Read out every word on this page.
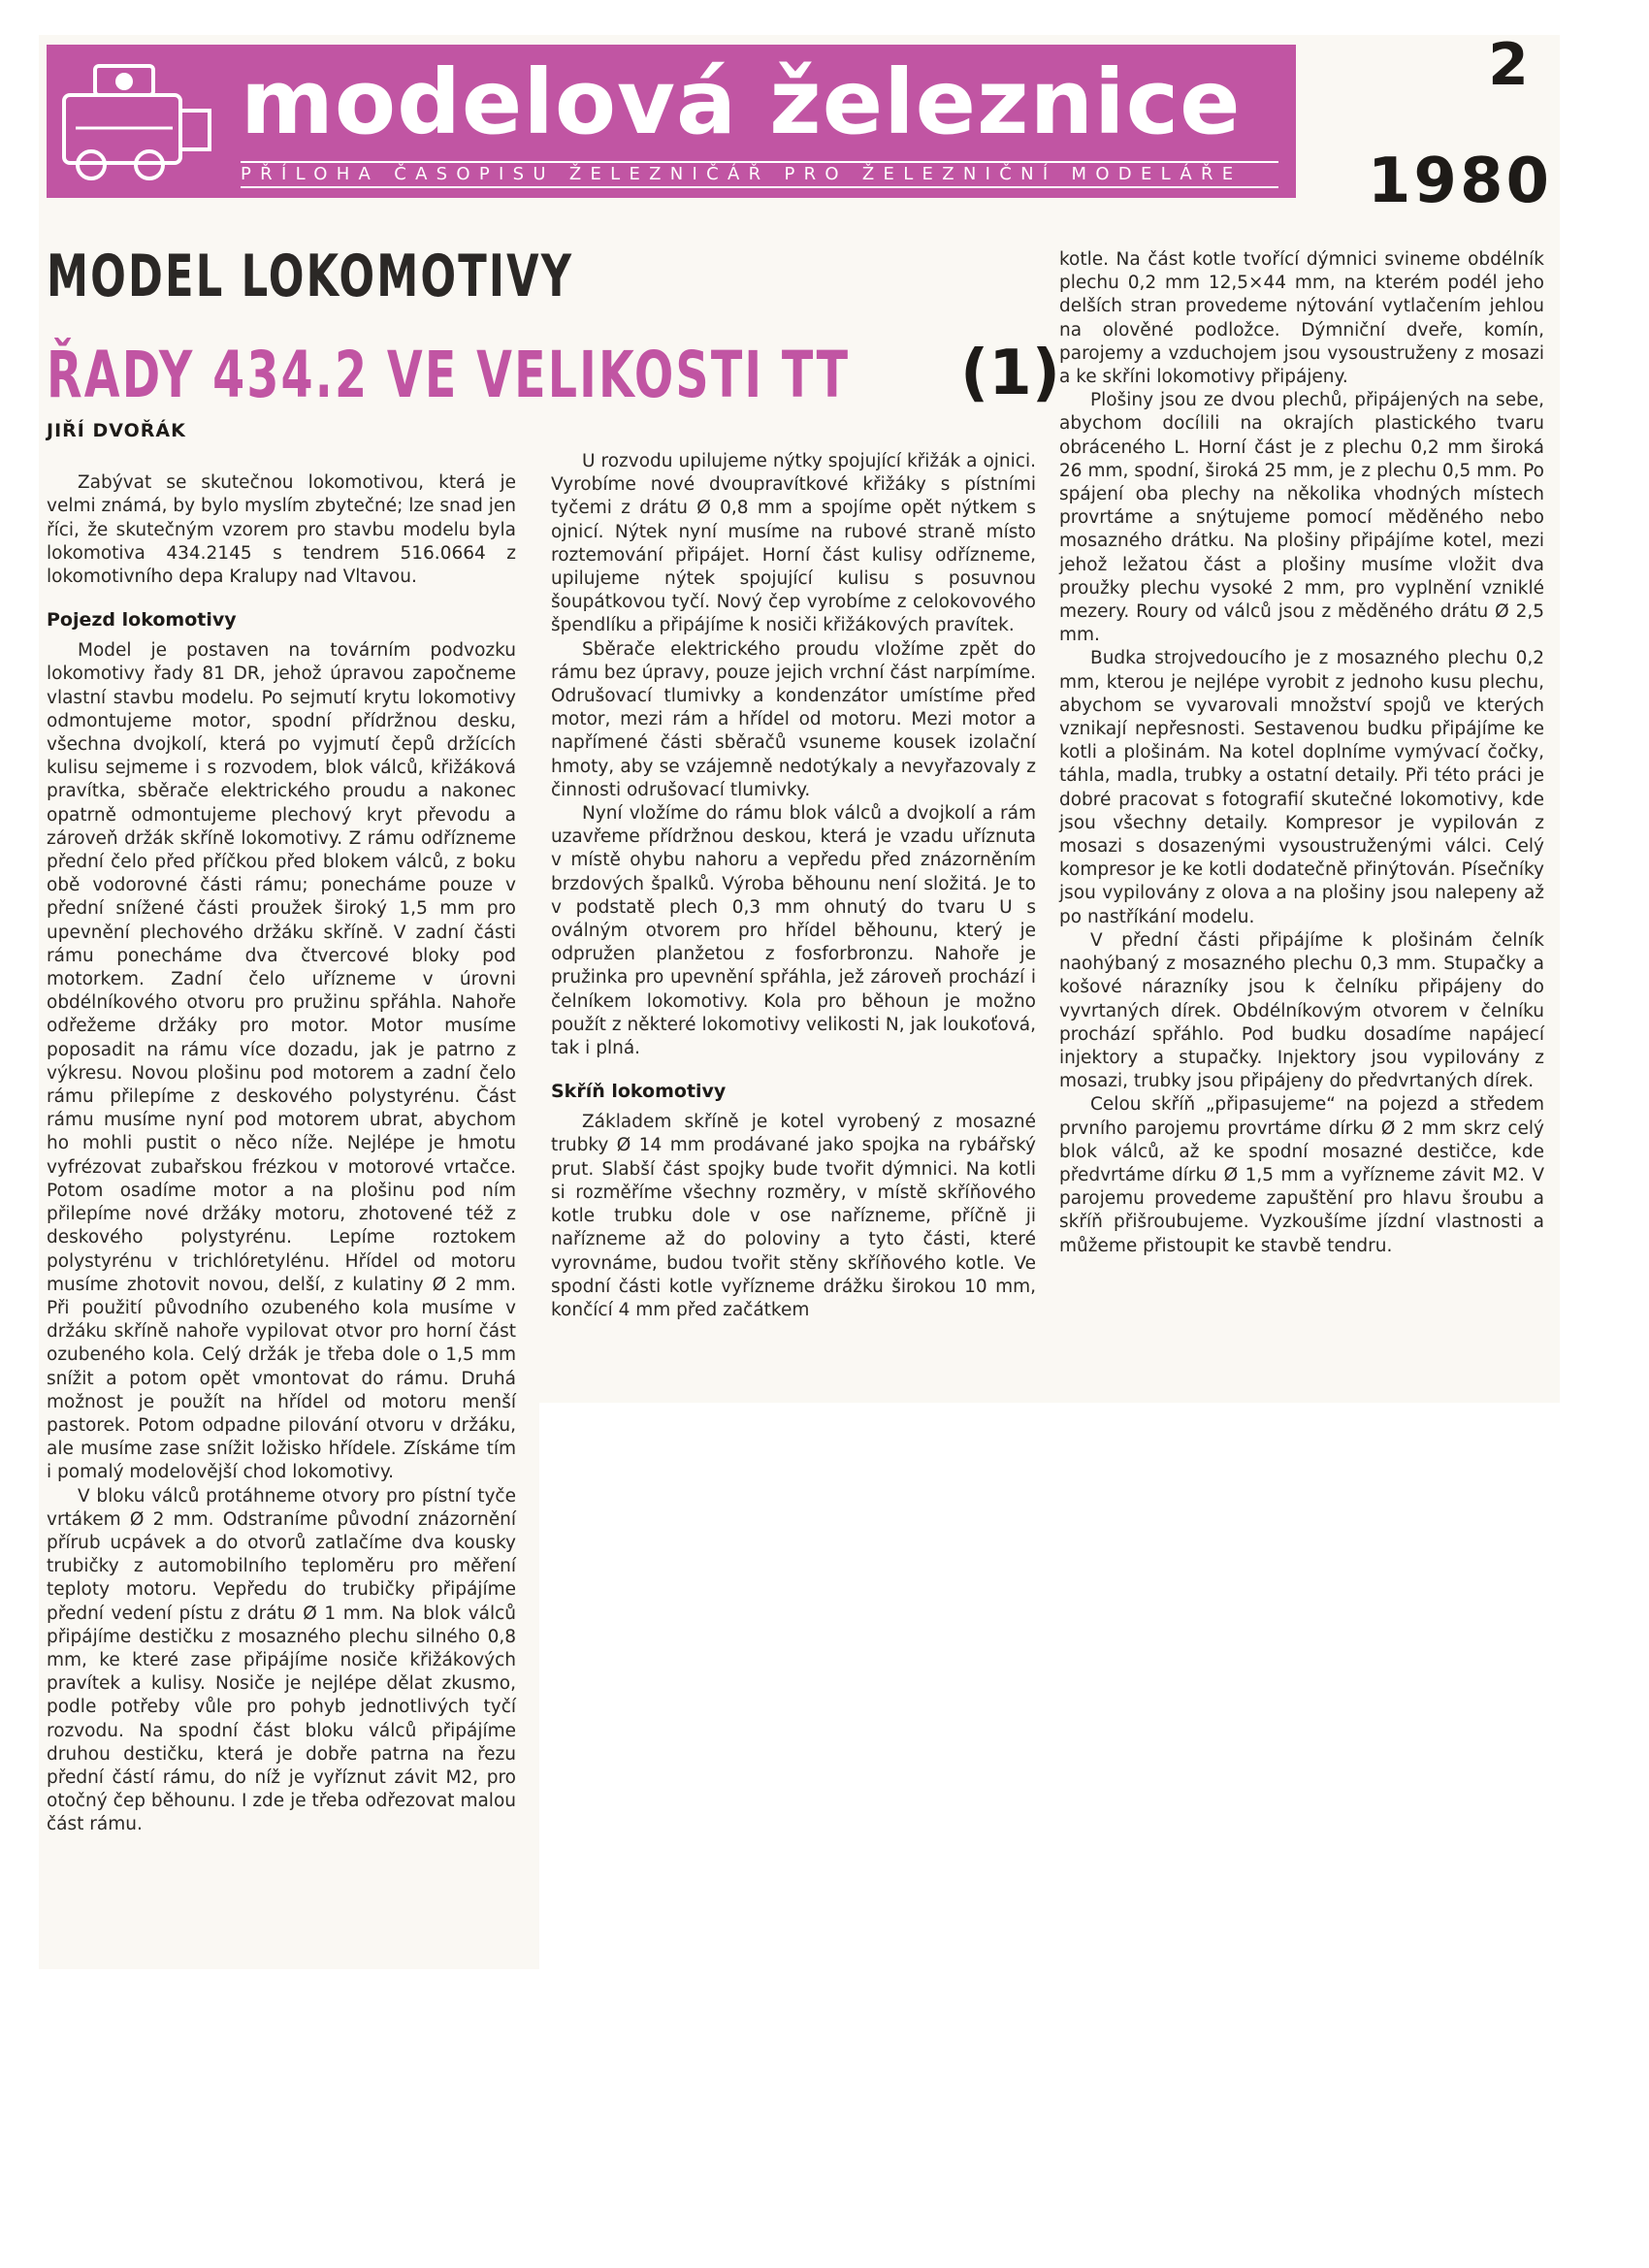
modelová železnice
PŘÍLOHA ČASOPISU ŽELEZNIČÁŘ PRO ŽELEZNIČNÍ MODELÁŘE
2
1980
MODEL LOKOMOTIVY
ŘADY 434.2 VE VELIKOSTI TT (1)
JIŘÍ DVOŘÁK

Zabývat se skutečnou lokomotivou, která je velmi známá, by bylo myslím zbytečné; lze snad jen říci, že skutečným vzorem pro stavbu modelu byla lokomotiva 434.2145 s tendrem 516.0664 z lokomotivního depa Kralupy nad Vltavou.

Pojezd lokomotivy

Model je postaven na továrním podvozku lokomotivy řady 81 DR, jehož úpravou započneme vlastní stavbu modelu. Po sejmutí krytu lokomotivy odmontujeme motor, spodní přídržnou desku, všechna dvojkolí, která po vyjmutí čepů držících kulisu sejmeme i s rozvodem, blok válců, křižáková pravítka, sběrače elektrického proudu a nakonec opatrně odmontujeme plechový kryt převodu a zároveň držák skříně lokomotivy. Z rámu odřízneme přední čelo před příčkou před blokem válců, z boku obě vodorovné části rámu; ponecháme pouze v přední snížené části proužek široký 1,5 mm pro upevnění plechového držáku skříně. V zadní části rámu ponecháme dva čtvercové bloky pod motorkem. Zadní čelo uřízneme v úrovni obdélníkového otvoru pro pružinu spřáhla. Nahoře odřežeme držáky pro motor. Motor musíme poposadit na rámu více dozadu, jak je patrno z výkresu. Novou plošinu pod motorem a zadní čelo rámu přilepíme z deskového polystyrénu. Část rámu musíme nyní pod motorem ubrat, abychom ho mohli pustit o něco níže. Nejlépe je hmotu vyfrézovat zubařskou frézkou v motorové vrtačce. Potom osadíme motor a na plošinu pod ním přilepíme nové držáky motoru, zhotovené též z deskového polystyrénu. Lepíme roztokem polystyrénu v trichlóretylénu. Hřídel od motoru musíme zhotovit novou, delší, z kulatiny Ø 2 mm. Při použití původního ozubeného kola musíme v držáku skříně nahoře vypilovat otvor pro horní část ozubeného kola. Celý držák je třeba dole o 1,5 mm snížit a potom opět vmontovat do rámu. Druhá možnost je použít na hřídel od motoru menší pastorek. Potom odpadne pilování otvoru v držáku, ale musíme zase snížit ložisko hřídele. Získáme tím i pomalý modelovější chod lokomotivy.

V bloku válců protáhneme otvory pro pístní tyče vrtákem Ø 2 mm. Odstraníme původní znázornění přírub ucpávek a do otvorů zatlačíme dva kousky trubičky z automobilního teploměru pro měření teploty motoru. Vepředu do trubičky připájíme přední vedení pístu z drátu Ø 1 mm. Na blok válců připájíme destičku z mosazného plechu silného 0,8 mm, ke které zase připájíme nosiče křižákových pravítek a kulisy. Nosiče je nejlépe dělat zkusmo, podle potřeby vůle pro pohyb jednotlivých tyčí rozvodu. Na spodní část bloku válců připájíme druhou destičku, která je dobře patrna na řezu přední částí rámu, do níž je vyříznut závit M2, pro otočný čep běhounu. I zde je třeba odřezovat malou část rámu.

U rozvodu upilujeme nýtky spojující křižák a ojnici. Vyrobíme nové dvoupravítkové křižáky s pístními tyčemi z drátu Ø 0,8 mm a spojíme opět nýtkem s ojnicí. Nýtek nyní musíme na rubové straně místo roztemování připájet. Horní část kulisy odřízneme, upilujeme nýtek spojující kulisu s posuvnou šoupátkovou tyčí. Nový čep vyrobíme z celokovového špendlíku a připájíme k nosiči křižákových pravítek.

Sběrače elektrického proudu vložíme zpět do rámu bez úpravy, pouze jejich vrchní část narpímíme. Odrušovací tlumivky a kondenzátor umístíme před motor, mezi rám a hřídel od motoru. Mezi motor a napřímené části sběračů vsuneme kousek izolační hmoty, aby se vzájemně nedotýkaly a nevyřazovaly z činnosti odrušovací tlumivky.

Nyní vložíme do rámu blok válců a dvojkolí a rám uzavřeme přídržnou deskou, která je vzadu uříznuta v místě ohybu nahoru a vepředu před znázorněním brzdových špalků. Výroba běhounu není složitá. Je to v podstatě plech 0,3 mm ohnutý do tvaru U s oválným otvorem pro hřídel běhounu, který je odpružen planžetou z fosforbronzu. Nahoře je pružinka pro upevnění spřáhla, jež zároveň prochází i čelníkem lokomotivy. Kola pro běhoun je možno použít z některé lokomotivy velikosti N, jak loukoťová, tak i plná.

Skříň lokomotivy

Základem skříně je kotel vyrobený z mosazné trubky Ø 14 mm prodávané jako spojka na rybářský prut. Slabší část spojky bude tvořit dýmnici. Na kotli si rozměříme všechny rozměry, v místě skříňového kotle trubku dole v ose nařízneme, příčně ji nařízneme až do poloviny a tyto části, které vyrovnáme, budou tvořit stěny skříňového kotle. Ve spodní části kotle vyřízneme drážku širokou 10 mm, končící 4 mm před začátkem

kotle. Na část kotle tvořící dýmnici svineme obdélník plechu 0,2 mm 12,5×44 mm, na kterém podél jeho delších stran provedeme nýtování vytlačením jehlou na olověné podložce. Dýmniční dveře, komín, parojemy a vzduchojem jsou vysoustruženy z mosazi a ke skříni lokomotivy připájeny.

Plošiny jsou ze dvou plechů, připájených na sebe, abychom docílili na okrajích plastického tvaru obráceného L. Horní část je z plechu 0,2 mm široká 26 mm, spodní, široká 25 mm, je z plechu 0,5 mm. Po spájení oba plechy na několika vhodných místech provrtáme a snýtujeme pomocí měděného nebo mosazného drátku. Na plošiny připájíme kotel, mezi jehož ležatou část a plošiny musíme vložit dva proužky plechu vysoké 2 mm, pro vyplnění vzniklé mezery. Roury od válců jsou z měděného drátu Ø 2,5 mm.

Budka strojvedoucího je z mosazného plechu 0,2 mm, kterou je nejlépe vyrobit z jednoho kusu plechu, abychom se vyvarovali množství spojů ve kterých vznikají nepřesnosti. Sestavenou budku připájíme ke kotli a plošinám. Na kotel doplníme vymývací čočky, táhla, madla, trubky a ostatní detaily. Při této práci je dobré pracovat s fotografií skutečné lokomotivy, kde jsou všechny detaily. Kompresor je vypilován z mosazi s dosazenými vysoustruženými válci. Celý kompresor je ke kotli dodatečně přinýtován. Písečníky jsou vypilovány z olova a na plošiny jsou nalepeny až po nastříkání modelu.

V přední části připájíme k plošinám čelník naohýbaný z mosazného plechu 0,3 mm. Stupačky a košové nárazníky jsou k čelníku připájeny do vyvrtaných dírek. Obdélníkovým otvorem v čelníku prochází spřáhlo. Pod budku dosadíme napájecí injektory a stupačky. Injektory jsou vypilovány z mosazi, trubky jsou připájeny do předvrtaných dírek.

Celou skříň „připasujeme“ na pojezd a středem prvního parojemu provrtáme dírku Ø 2 mm skrz celý blok válců, až ke spodní mosazné destičce, kde předvrtáme dírku Ø 1,5 mm a vyřízneme závit M2. V parojemu provedeme zapuštění pro hlavu šroubu a skříň přišroubujeme. Vyzkoušíme jízdní vlastnosti a můžeme přistoupit ke stavbě tendru.
